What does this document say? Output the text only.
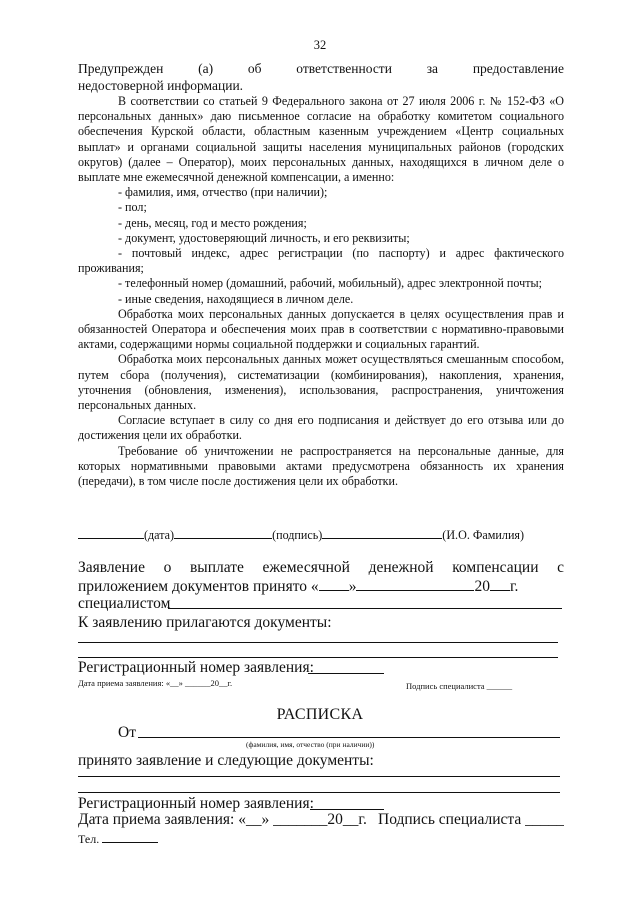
32

Предупрежден (а) об ответственности за предоставление

недостоверной информации.

В соответствии со статьей 9 Федерального закона от 27 июля 2006 г. № 152-ФЗ «О персональных данных» даю письменное согласие на обработку комитетом социального обеспечения Курской области, областным казенным учреждением «Центр социальных выплат» и органами социальной защиты населения муниципальных районов (городских округов) (далее – Оператор), моих персональных данных, находящихся в личном деле о выплате мне ежемесячной денежной компенсации, а именно:

- фамилия, имя, отчество (при наличии);

- пол;

- день, месяц, год и место рождения;

- документ, удостоверяющий личность, и его реквизиты;

- почтовый индекс, адрес регистрации (по паспорту) и адрес фактического проживания;

- телефонный номер (домашний, рабочий, мобильный), адрес электронной почты;

- иные сведения, находящиеся в личном деле.

Обработка моих персональных данных допускается в целях осуществления прав и обязанностей Оператора и обеспечения моих прав в соответствии с нормативно-правовыми актами, содержащими нормы социальной поддержки и социальных гарантий.

Обработка моих персональных данных может осуществляться смешанным способом, путем сбора (получения), систематизации (комбинирования), накопления, хранения, уточнения (обновления, изменения), использования, распространения, уничтожения персональных данных.

Согласие вступает в силу со дня его подписания и действует до его отзыва или до достижения цели их обработки.

Требование об уничтожении не распространяется на персональные данные, для которых нормативными правовыми актами предусмотрена обязанность их хранения (передачи), в том числе после достижения цели их обработки.

(дата)	(подпись)	(И.О. Фамилия)
Заявление о выплате ежемесячной денежной компенсации с
приложением документов принято « »	20 г.
специалистом
К заявлению прилагаются документы:
Регистрационный номер заявления:
Дата приема заявления: «__» ______20__г.	Подпись специалиста ______
РАСПИСКА
От
(фамилия, имя, отчество (при наличии))
принято заявление и следующие документы:
Регистрационный номер заявления:
Дата приема заявления: «__» _______20__г. Подпись специалиста _____
Тел.
